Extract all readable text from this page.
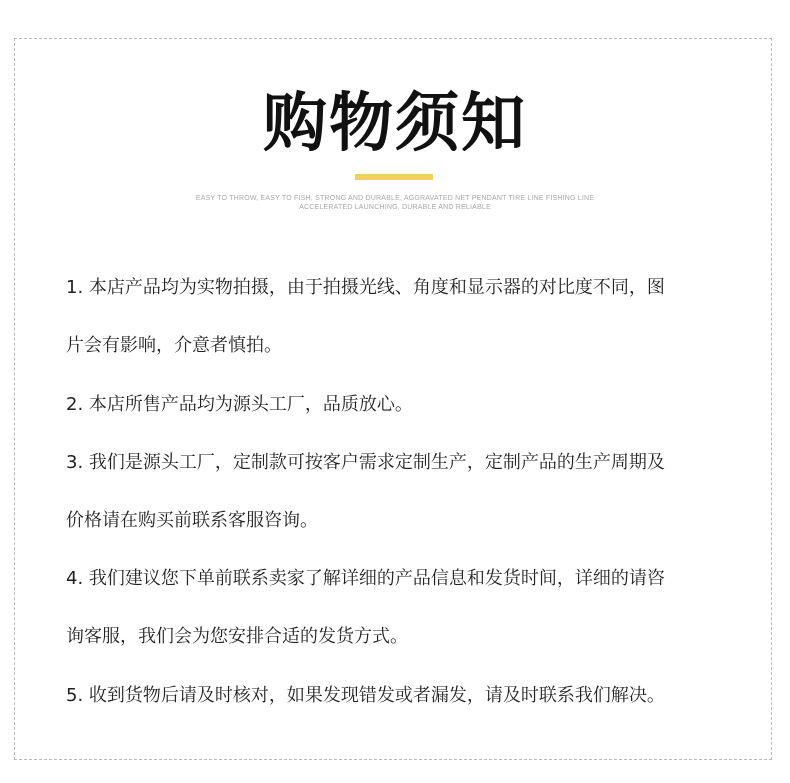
购物须知
EASY TO THROW, EASY TO FISH, STRONG AND DURABLE, AGGRAVATED NET PENDANT TIRE LINE FISHING LINE
ACCELERATED LAUNCHING, DURABLE AND RELIABLE
1. 本店产品均为实物拍摄，由于拍摄光线、角度和显示器的对比度不同，图
片会有影响，介意者慎拍。
2. 本店所售产品均为源头工厂，品质放心。
3. 我们是源头工厂，定制款可按客户需求定制生产，定制产品的生产周期及
价格请在购买前联系客服咨询。
4. 我们建议您下单前联系卖家了解详细的产品信息和发货时间，详细的请咨
询客服，我们会为您安排合适的发货方式。
5. 收到货物后请及时核对，如果发现错发或者漏发，请及时联系我们解决。
